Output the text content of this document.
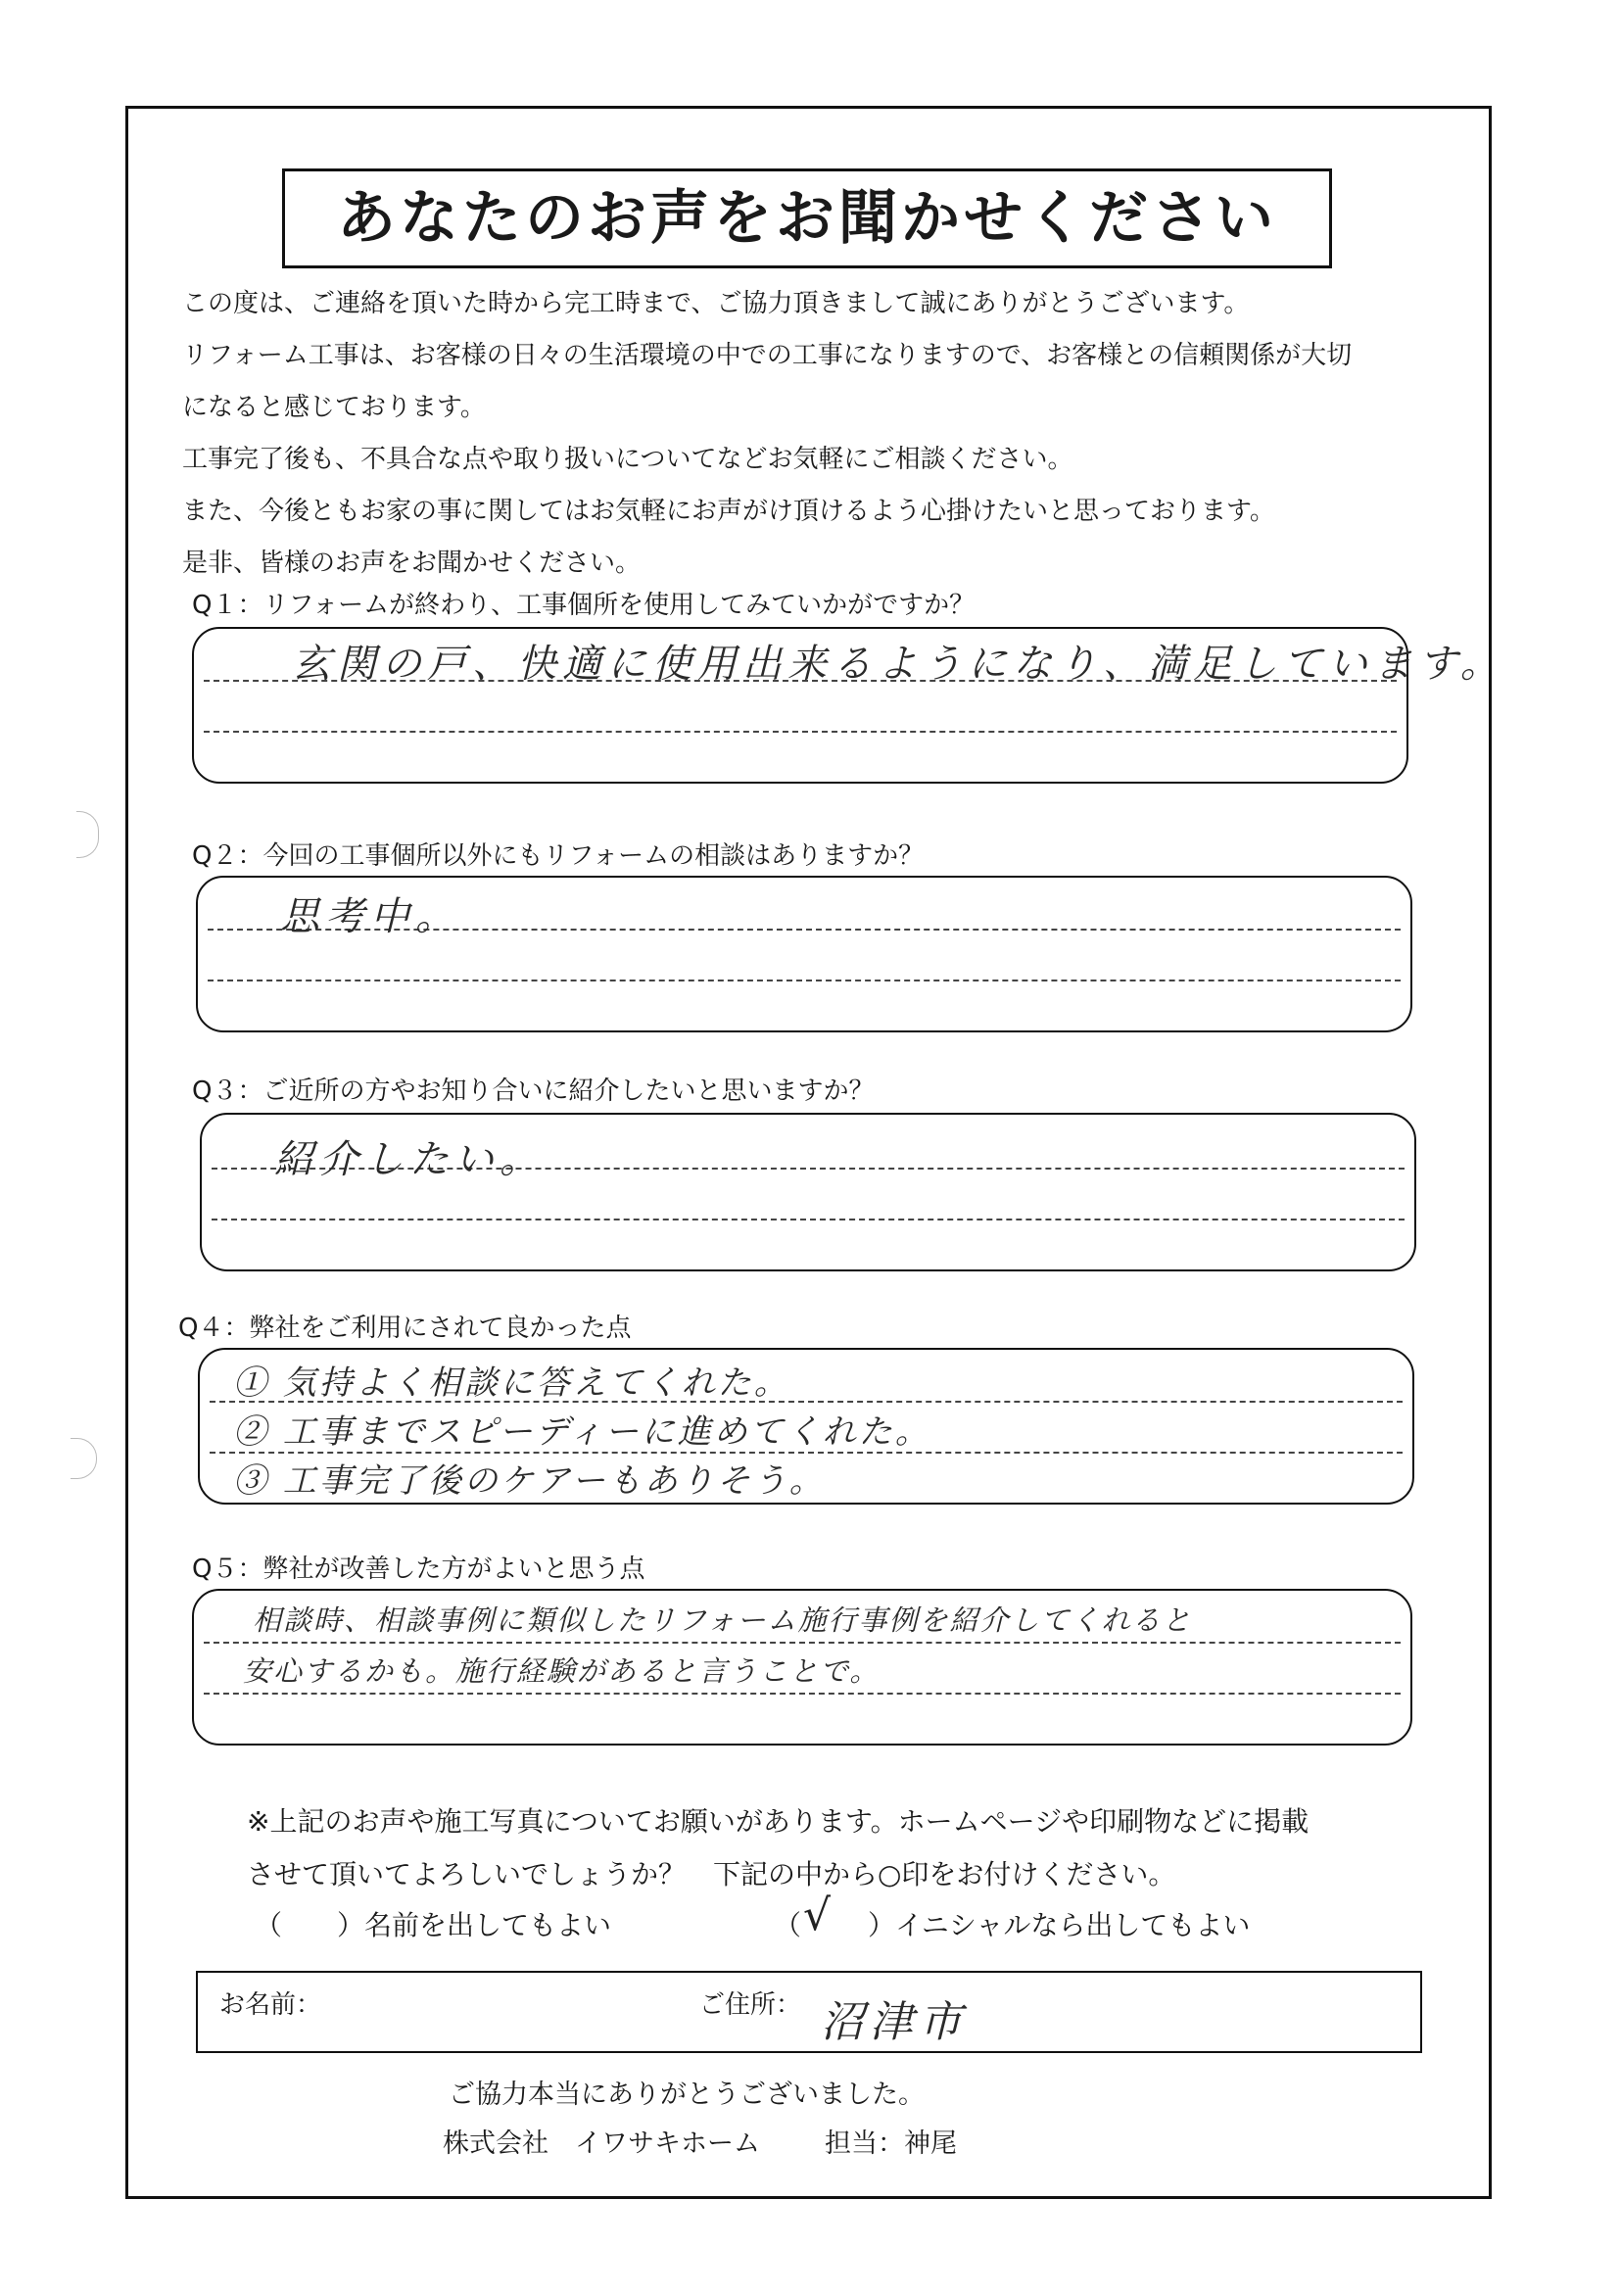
あなたのお声をお聞かせください

この度は、ご連絡を頂いた時から完工時まで、ご協力頂きまして誠にありがとうございます。

リフォーム工事は、お客様の日々の生活環境の中での工事になりますので、お客様との信頼関係が大切

になると感じております。

工事完了後も、不具合な点や取り扱いについてなどお気軽にご相談ください。

また、今後ともお家の事に関してはお気軽にお声がけ頂けるよう心掛けたいと思っております。

是非、皆様のお声をお聞かせください。

Q１：リフォームが終わり、工事個所を使用してみていかがですか？
玄関の戸、快適に使用出来るようになり、満足しています。
Q２：今回の工事個所以外にもリフォームの相談はありますか？
思考中。
Q３：ご近所の方やお知り合いに紹介したいと思いますか？
紹介したい。
Q４：弊社をご利用にされて良かった点
① 気持よく相談に答えてくれた。
② 工事までスピーディーに進めてくれた。
③ 工事完了後のケアーもありそう。
Q５：弊社が改善した方がよいと思う点
相談時、相談事例に類似したリフォーム施行事例を紹介してくれると
安心するかも。施行経験があると言うことで。
※上記のお声や施工写真についてお願いがあります。ホームページや印刷物などに掲載
させて頂いてよろしいでしょうか？　下記の中から○印をお付けください。
（　　）名前を出してもよい	（ ）イニシャルなら出してもよい
√
お名前：	ご住所： 沼津市
ご協力本当にありがとうございました。
株式会社　イワサキホーム 担当：神尾
